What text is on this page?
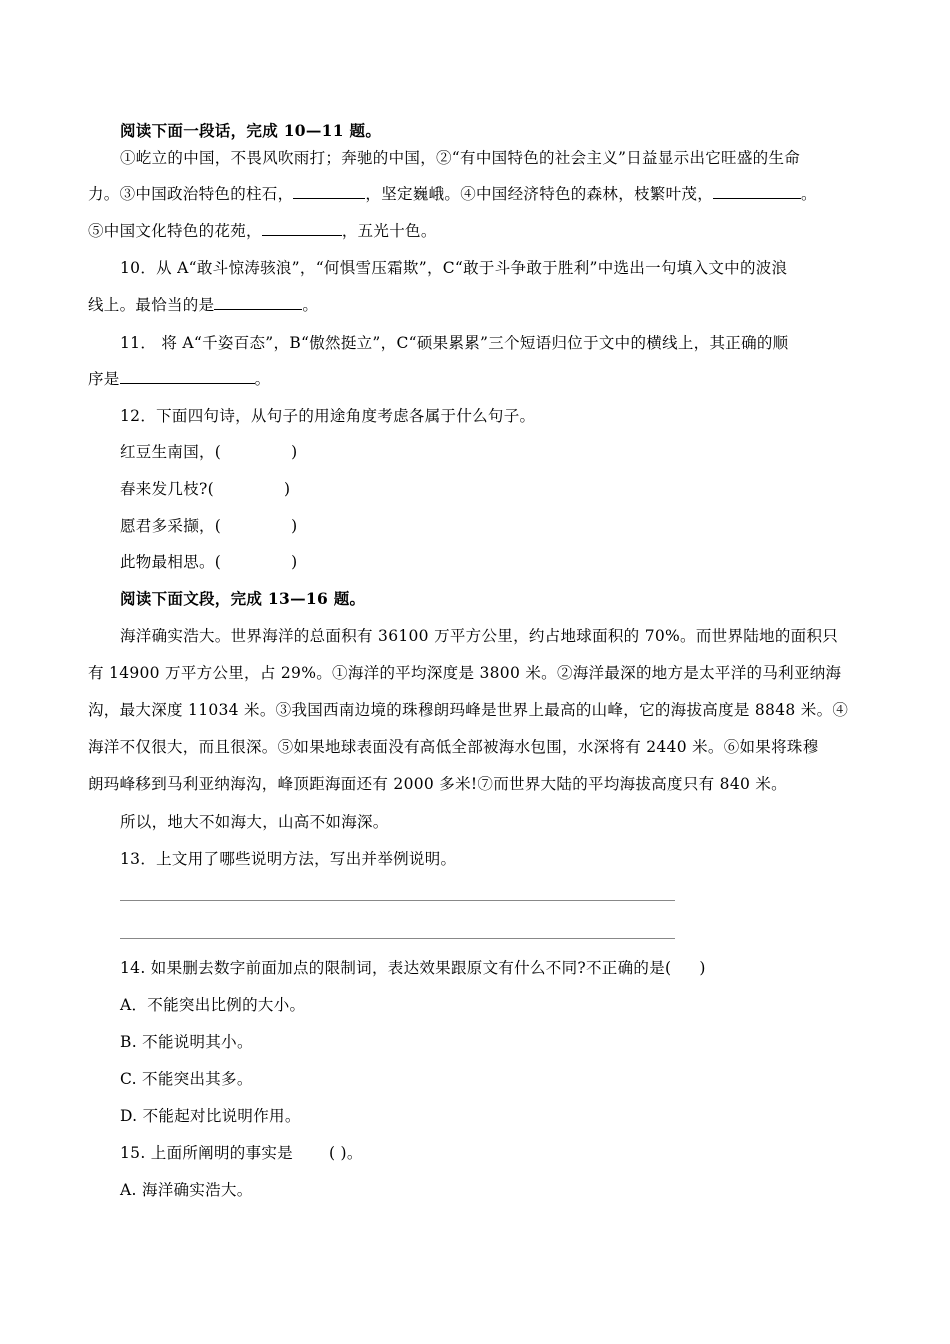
阅读下面一段话，完成 10—11 题。
①屹立的中国，不畏风吹雨打；奔驰的中国，②“有中国特色的社会主义”日益显示出它旺盛的生命
力。③中国政治特色的柱石，	，坚定巍峨。④中国经济特色的森林，枝繁叶茂，	。
⑤中国文化特色的花苑，	，五光十色。
10．从 A“敢斗惊涛骇浪”，“何惧雪压霜欺”，C“敢于斗争敢于胜利”中选出一句填入文中的波浪
线上。最恰当的是	。
11． 将 A“千姿百态”，B“傲然挺立”，C“硕果累累”三个短语归位于文中的横线上，其正确的顺
序是	。
12．下面四句诗，从句子的用途角度考虑各属于什么句子。
红豆生南国，(	)
春来发几枝?(	)
愿君多采撷，(	)
此物最相思。(	)
阅读下面文段，完成 13—16 题。
海洋确实浩大。世界海洋的总面积有 36100 万平方公里，约占地球面积的 70%。而世界陆地的面积只
有 14900 万平方公里，占 29%。①海洋的平均深度是 3800 米。②海洋最深的地方是太平洋的马利亚纳海
沟，最大深度 11034 米。③我国西南边境的珠穆朗玛峰是世界上最高的山峰，它的海拔高度是 8848 米。④
海洋不仅很大，而且很深。⑤如果地球表面没有高低全部被海水包围，水深将有 2440 米。⑥如果将珠穆
朗玛峰移到马利亚纳海沟，峰顶距海面还有 2000 多米!⑦而世界大陆的平均海拔高度只有 840 米。
所以，地大不如海大，山高不如海深。
13．上文用了哪些说明方法，写出并举例说明。
14. 如果删去数字前面加点的限制词，表达效果跟原文有什么不同?不正确的是( )
A．不能突出比例的大小。
B. 不能说明其小。
C. 不能突出其多。
D. 不能起对比说明作用。
15. 上面所阐明的事实是 ( )。
A. 海洋确实浩大。
